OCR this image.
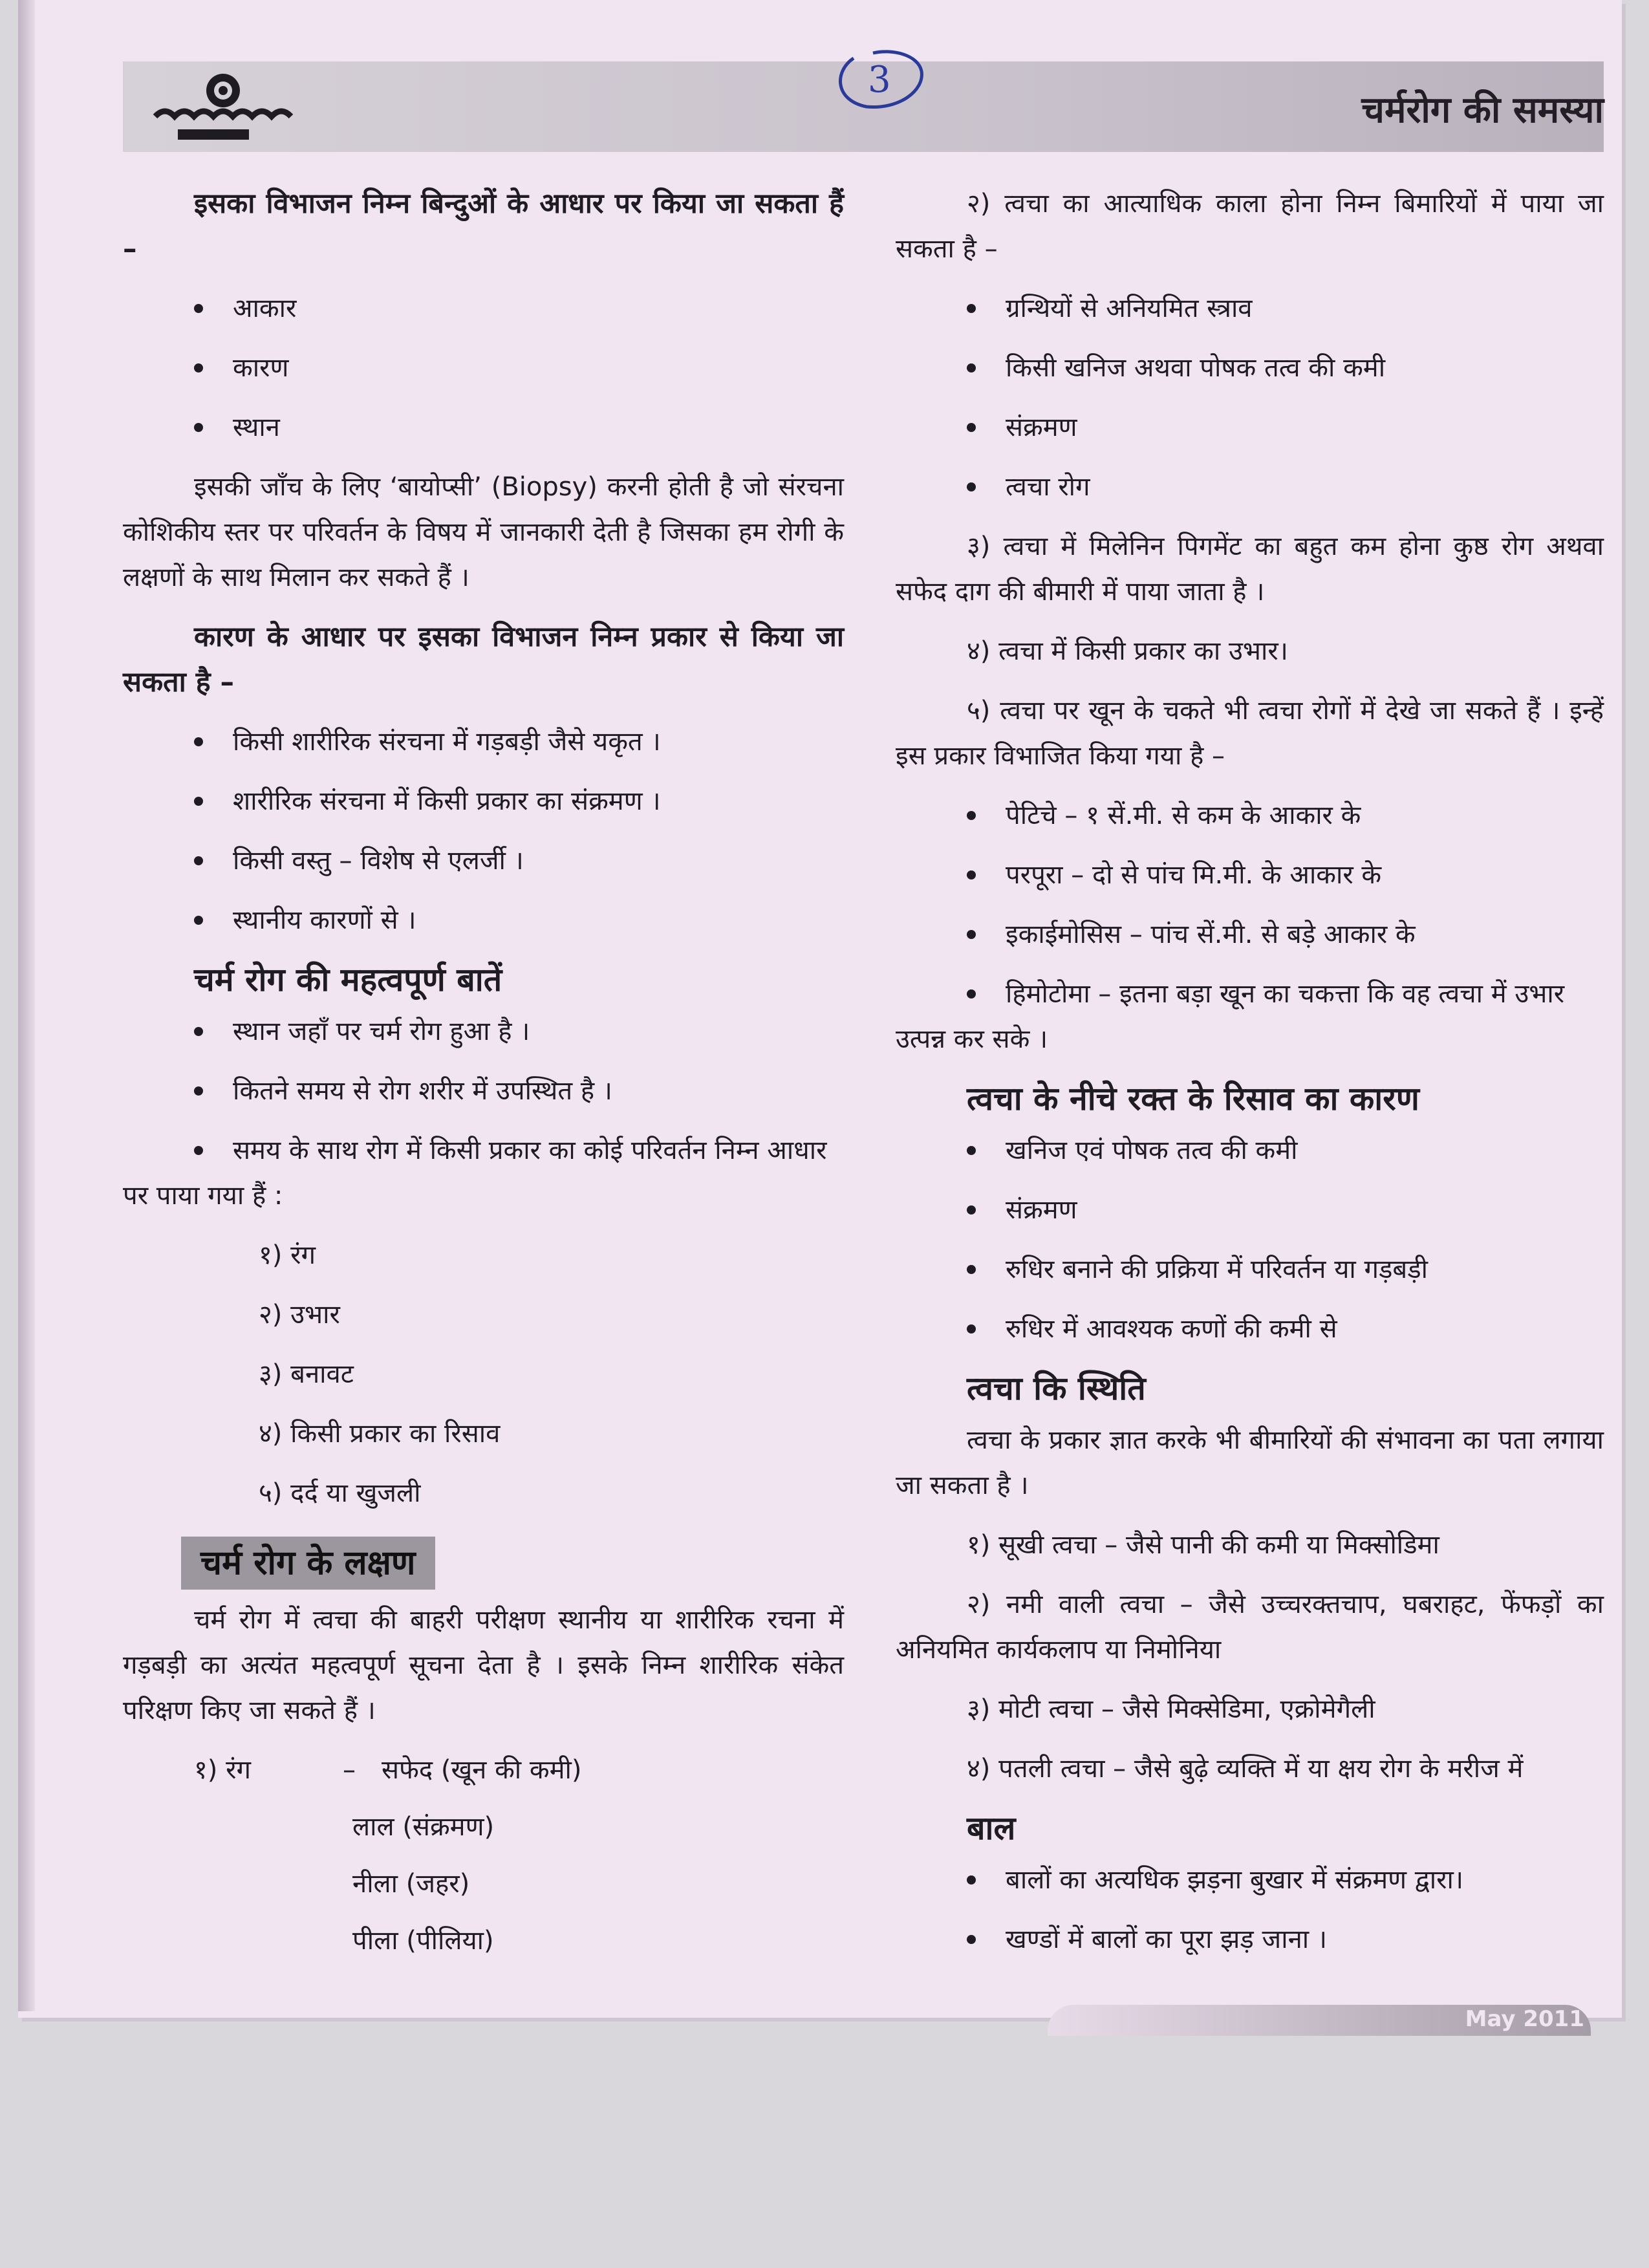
3
चर्मरोग की समस्या

इसका विभाजन निम्न बिन्दुओं के आधार पर किया जा सकता हैं –

आकार
कारण
स्थान

इसकी जाँच के लिए ‘बायोप्सी’ (Biopsy) करनी होती है जो संरचना कोशिकीय स्तर पर परिवर्तन के विषय में जानकारी देती है जिसका हम रोगी के लक्षणों के साथ मिलान कर सकते हैं ।

कारण के आधार पर इसका विभाजन निम्न प्रकार से किया जा सकता है –

किसी शारीरिक संरचना में गड़बड़ी जैसे यकृत ।
शारीरिक संरचना में किसी प्रकार का संक्रमण ।
किसी वस्तु – विशेष से एलर्जी ।
स्थानीय कारणों से ।
चर्म रोग की महत्वपूर्ण बातें
स्थान जहाँ पर चर्म रोग हुआ है ।
कितने समय से रोग शरीर में उपस्थित है ।
समय के साथ रोग में किसी प्रकार का कोई परिवर्तन निम्न आधार पर पाया गया हैं :
१) रंग
२) उभार
३) बनावट
४) किसी प्रकार का रिसाव
५) दर्द या खुजली
चर्म रोग के लक्षण

चर्म रोग में त्वचा की बाहरी परीक्षण स्थानीय या शारीरिक रचना में गड़बड़ी का अत्यंत महत्वपूर्ण सूचना देता है । इसके निम्न शारीरिक संकेत परिक्षण किए जा सकते हैं ।

१) रंग	– सफेद (खून की कमी)
लाल (संक्रमण)
नीला (जहर)
पीला (पीलिया)

२) त्वचा का आत्याधिक काला होना निम्न बिमारियों में पाया जा सकता है –

ग्रन्थियों से अनियमित स्त्राव
किसी खनिज अथवा पोषक तत्व की कमी
संक्रमण
त्वचा रोग

३) त्वचा में मिलेनिन पिगमेंट का बहुत कम होना कुष्ठ रोग अथवा सफेद दाग की बीमारी में पाया जाता है ।

४) त्वचा में किसी प्रकार का उभार।

५) त्वचा पर खून के चकते भी त्वचा रोगों में देखे जा सकते हैं । इन्हें इस प्रकार विभाजित किया गया है –

पेटिचे – १ सें.मी. से कम के आकार के
परपूरा – दो से पांच मि.मी. के आकार के
इकाईमोसिस – पांच सें.मी. से बड़े आकार के
हिमोटोमा – इतना बड़ा खून का चकत्ता कि वह त्वचा में उभार उत्पन्न कर सके ।
त्वचा के नीचे रक्त के रिसाव का कारण
खनिज एवं पोषक तत्व की कमी
संक्रमण
रुधिर बनाने की प्रक्रिया में परिवर्तन या गड़बड़ी
रुधिर में आवश्यक कणों की कमी से
त्वचा कि स्थिति

त्वचा के प्रकार ज्ञात करके भी बीमारियों की संभावना का पता लगाया जा सकता है ।

१) सूखी त्वचा – जैसे पानी की कमी या मिक्सोडिमा

२) नमी वाली त्वचा – जैसे उच्चरक्तचाप, घबराहट, फेंफड़ों का अनियमित कार्यकलाप या निमोनिया

३) मोटी त्वचा – जैसे मिक्सेडिमा, एक्रोमेगैली

४) पतली त्वचा – जैसे बुढ़े व्यक्ति में या क्षय रोग के मरीज में

बाल
बालों का अत्यधिक झड़ना बुखार में संक्रमण द्वारा।
खण्डों में बालों का पूरा झड़ जाना ।
May 2011
